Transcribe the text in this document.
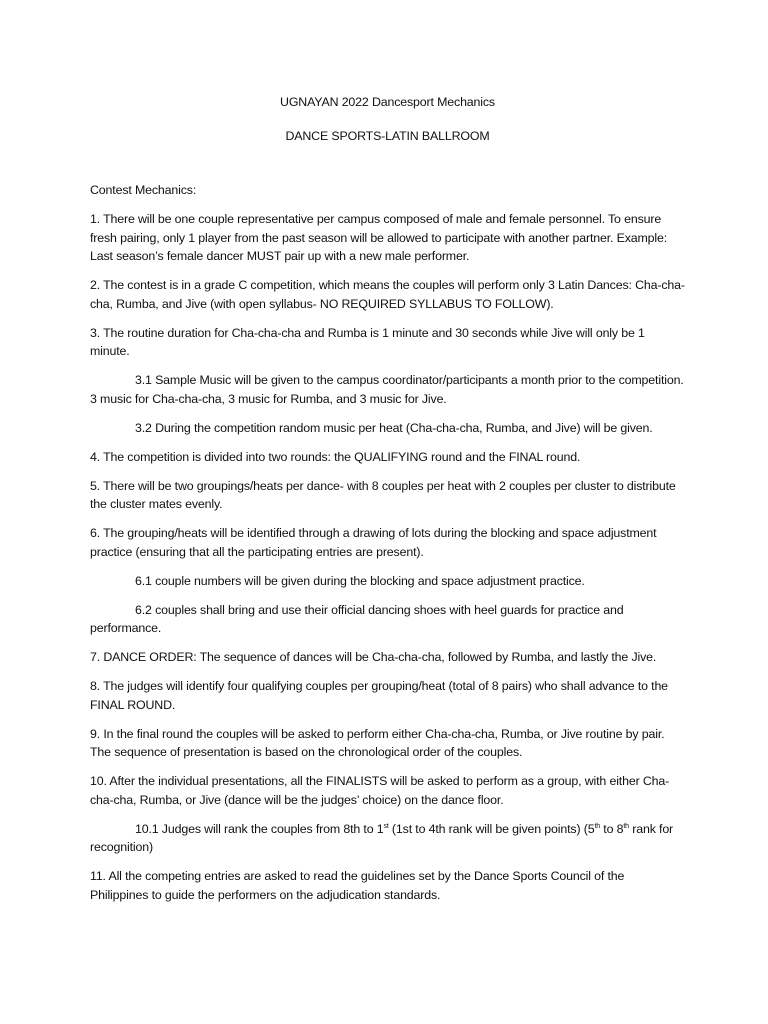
UGNAYAN 2022 Dancesport Mechanics

DANCE SPORTS-LATIN BALLROOM

Contest Mechanics:

1. There will be one couple representative per campus composed of male and female personnel. To ensure fresh pairing, only 1 player from the past season will be allowed to participate with another partner. Example: Last season’s female dancer MUST pair up with a new male performer.

2. The contest is in a grade C competition, which means the couples will perform only 3 Latin Dances: Cha-cha-cha, Rumba, and Jive (with open syllabus- NO REQUIRED SYLLABUS TO FOLLOW).

3. The routine duration for Cha-cha-cha and Rumba is 1 minute and 30 seconds while Jive will only be 1 minute.

3.1 Sample Music will be given to the campus coordinator/participants a month prior to the competition. 3 music for Cha-cha-cha, 3 music for Rumba, and 3 music for Jive.

3.2 During the competition random music per heat (Cha-cha-cha, Rumba, and Jive) will be given.

4. The competition is divided into two rounds: the QUALIFYING round and the FINAL round.

5. There will be two groupings/heats per dance- with 8 couples per heat with 2 couples per cluster to distribute the cluster mates evenly.

6. The grouping/heats will be identified through a drawing of lots during the blocking and space adjustment practice (ensuring that all the participating entries are present).

6.1 couple numbers will be given during the blocking and space adjustment practice.

6.2 couples shall bring and use their official dancing shoes with heel guards for practice and performance.

7. DANCE ORDER: The sequence of dances will be Cha-cha-cha, followed by Rumba, and lastly the Jive.

8. The judges will identify four qualifying couples per grouping/heat (total of 8 pairs) who shall advance to the FINAL ROUND.

9. In the final round the couples will be asked to perform either Cha-cha-cha, Rumba, or Jive routine by pair. The sequence of presentation is based on the chronological order of the couples.

10. After the individual presentations, all the FINALISTS will be asked to perform as a group, with either Cha-cha-cha, Rumba, or Jive (dance will be the judges’ choice) on the dance floor.

10.1 Judges will rank the couples from 8th to 1st (1st to 4th rank will be given points) (5th to 8th rank for recognition)

11. All the competing entries are asked to read the guidelines set by the Dance Sports Council of the Philippines to guide the performers on the adjudication standards.
